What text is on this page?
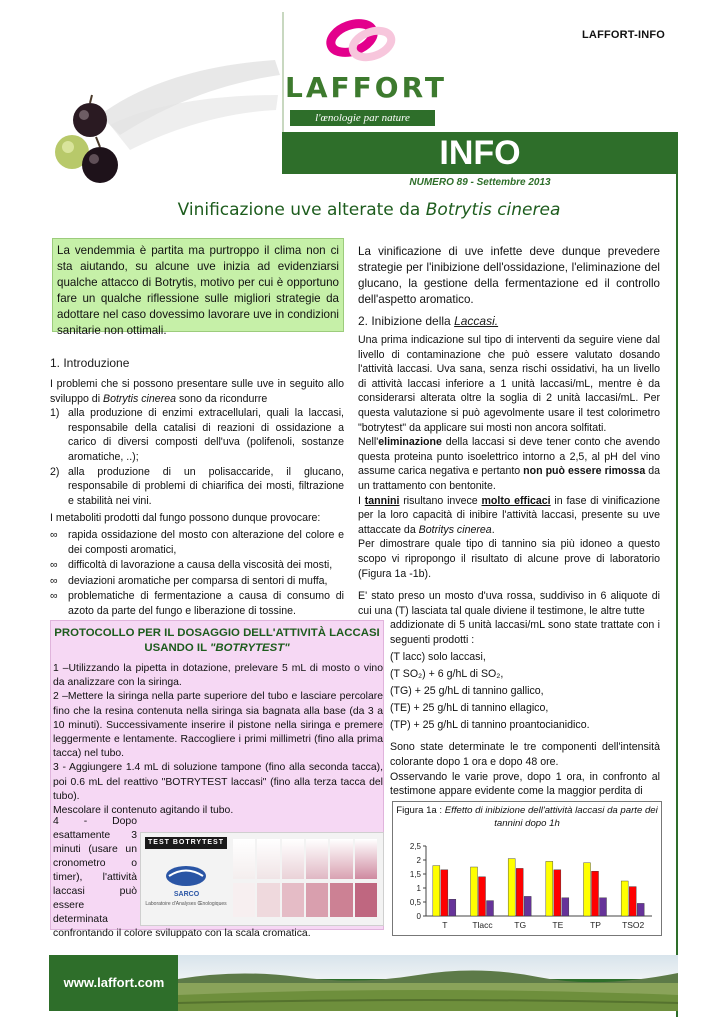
LAFFORT-INFO
LAFFORT
l'œnologie par nature
INFO
NUMERO 89 - Settembre 2013
Vinificazione uve alterate da Botrytis cinerea
La vendemmia è partita ma purtroppo il clima non ci sta aiutando, su alcune uve inizia ad evidenziarsi qualche attacco di Botrytis, motivo per cui è opportuno fare un qualche riflessione sulle migliori strategie da adottare nel caso dovessimo lavorare uve in condizioni sanitarie non ottimali.
La vinificazione di uve infette deve dunque prevedere strategie per l'inibizione dell'ossidazione, l'eliminazione del glucano, la gestione della fermentazione ed il controllo dell'aspetto aromatico.
1. Introduzione
I problemi che si possono presentare sulle uve in seguito allo sviluppo di Botrytis cinerea sono da ricondurre
1) alla produzione di enzimi extracellulari, quali la laccasi, responsabile della catalisi di reazioni di ossidazione a carico di diversi composti dell'uva (polifenoli, sostanze aromatiche, ..);
2) alla produzione di un polisaccaride, il glucano, responsabile di problemi di chiarifica dei mosti, filtrazione e stabilità nei vini.
I metaboliti prodotti dal fungo possono dunque provocare:
∞ rapida ossidazione del mosto con alterazione del colore e dei composti aromatici,
∞ difficoltà di lavorazione a causa della viscosità dei mosti,
∞ deviazioni aromatiche per comparsa di sentori di muffa,
∞ problematiche di fermentazione a causa di consumo di azoto da parte del fungo e liberazione di tossine.
2. Inibizione della Laccasi.
Una prima indicazione sul tipo di interventi da seguire viene dal livello di contaminazione che può essere valutato dosando l'attività laccasi. Uva sana, senza rischi ossidativi, ha un livello di attività laccasi inferiore a 1 unità laccasi/mL, mentre è da considerarsi alterata oltre la soglia di 2 unità laccasi/mL. Per questa valutazione si può agevolmente usare il test colorimetro "botrytest" da applicare sui mosti non ancora solfitati.
Nell'eliminazione della laccasi si deve tener conto che avendo questa proteina punto isoelettrico intorno a 2,5, al pH del vino assume carica negativa e pertanto non può essere rimossa da un trattamento con bentonite.
I tannini risultano invece molto efficaci in fase di vinificazione per la loro capacità di inibire l'attività laccasi, presente su uve attaccate da Botritys cinerea.
Per dimostrare quale tipo di tannino sia più idoneo a questo scopo vi ripropongo il risultato di alcune prove di laboratorio (Figura 1a -1b).
E' stato preso un mosto d'uva rossa, suddiviso in 6 aliquote di cui una (T) lasciata tal quale diviene il testimone, le altre tutte
addizionate di 5 unità laccasi/mL sono state trattate con i seguenti prodotti :
(T lacc) solo laccasi,
(T SO₂) + 6 g/hL di SO₂,
(TG) + 25 g/hL di tannino gallico,
(TE) + 25 g/hL di tannino ellagico,
(TP) + 25 g/hL di tannino proantocianidico.
Sono state determinate le tre componenti dell'intensità colorante dopo 1 ora e dopo 48 ore.
Osservando le varie prove, dopo 1 ora, in confronto al testimone appare evidente come la maggior perdita di
PROTOCOLLO PER IL DOSAGGIO DELL'ATTIVITÀ LACCASI USANDO IL "BOTRYTEST"
1 –Utilizzando la pipetta in dotazione, prelevare 5 mL di mosto o vino da analizzare con la siringa.
2 –Mettere la siringa nella parte superiore del tubo e lasciare percolare fino che la resina contenuta nella siringa sia bagnata alla base (da 3 a 10 minuti). Successivamente inserire il pistone nella siringa e premere leggermente e lentamente. Raccogliere i primi millimetri (fino alla prima tacca) nel tubo.
3 - Aggiungere 1.4 mL di soluzione tampone (fino alla seconda tacca), poi 0.6 mL del reattivo "BOTRYTEST laccasi" (fino alla terza tacca del tubo).
Mescolare il contenuto agitando il tubo.
4 - Dopo esattamente 3 minuti (usare un cronometro o timer), l'attività laccasi può essere determinata confrontando il colore sviluppato con la scala cromatica.
TEST BOTRYTEST
SARCO
Laboratoire d'Analyses Œnologiques
Figura 1a : Effetto di inibizione dell'attività laccasi da parte dei tannini dopo 1h
0
0,5
1
1,5
2
2,5
T	Tlacc	TG	TE	TP TSO2
www.laffort.com
